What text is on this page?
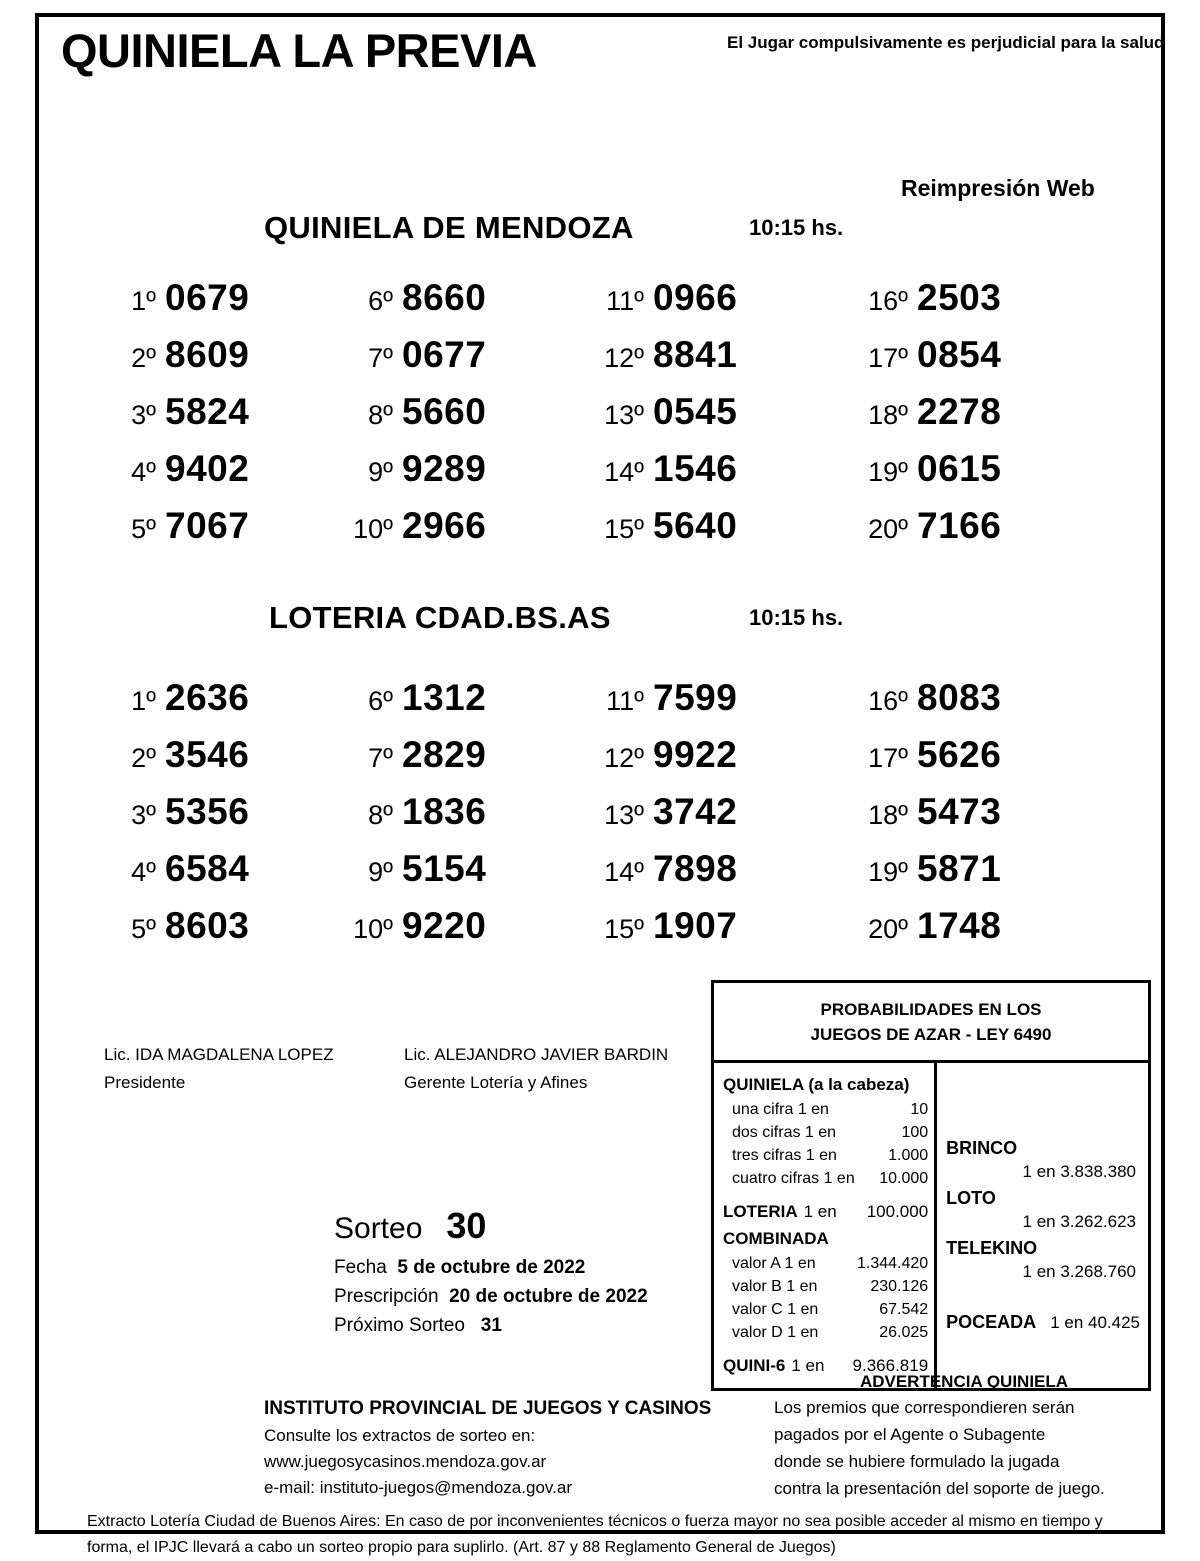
QUINIELA LA PREVIA	El Jugar compulsivamente es perjudicial para la salud
Reimpresión Web
QUINIELA DE MENDOZA	10:15 hs.
1º 0679
2º 8609
3º 5824
4º 9402
5º 7067
6º 8660
7º 0677
8º 5660
9º 9289
10º 2966
11º 0966
12º 8841
13º 0545
14º 1546
15º 5640
16º 2503
17º 0854
18º 2278
19º 0615
20º 7166
LOTERIA CDAD.BS.AS	10:15 hs.
1º 2636
2º 3546
3º 5356
4º 6584
5º 8603
6º 1312
7º 2829
8º 1836
9º 5154
10º 9220
11º 7599
12º 9922
13º 3742
14º 7898
15º 1907
16º 8083
17º 5626
18º 5473
19º 5871
20º 1748
Lic. IDA MAGDALENA LOPEZ
Presidente
Lic. ALEJANDRO JAVIER BARDIN
Gerente Lotería y Afines
Sorteo 30
Fecha 5 de octubre de 2022
Prescripción 20 de octubre de 2022
Próximo Sorteo 31
PROBABILIDADES EN LOS
JUEGOS DE AZAR - LEY 6490
QUINIELA (a la cabeza)
una cifra 1 en	10
dos cifras 1 en	100
tres cifras 1 en	1.000
cuatro cifras 1 en	10.000
LOTERIA 1 en 100.000
COMBINADA
valor A 1 en	1.344.420
valor B 1 en	230.126
valor C 1 en	67.542
valor D 1 en	26.025
QUINI-6 1 en 9.366.819
BRINCO
1 en 3.838.380
LOTO
1 en 3.262.623
TELEKINO
1 en 3.268.760
POCEADA 1 en 40.425
ADVERTENCIA QUINIELA
Los premios que correspondieren serán
pagados por el Agente o Subagente
donde se hubiere formulado la jugada
contra la presentación del soporte de juego.
INSTITUTO PROVINCIAL DE JUEGOS Y CASINOS
Consulte los extractos de sorteo en:
www.juegosycasinos.mendoza.gov.ar
e-mail: instituto-juegos@mendoza.gov.ar
Extracto Lotería Ciudad de Buenos Aires: En caso de por inconvenientes técnicos o fuerza mayor no sea posible acceder al mismo en tiempo y
forma, el IPJC llevará a cabo un sorteo propio para suplirlo. (Art. 87 y 88 Reglamento General de Juegos)
